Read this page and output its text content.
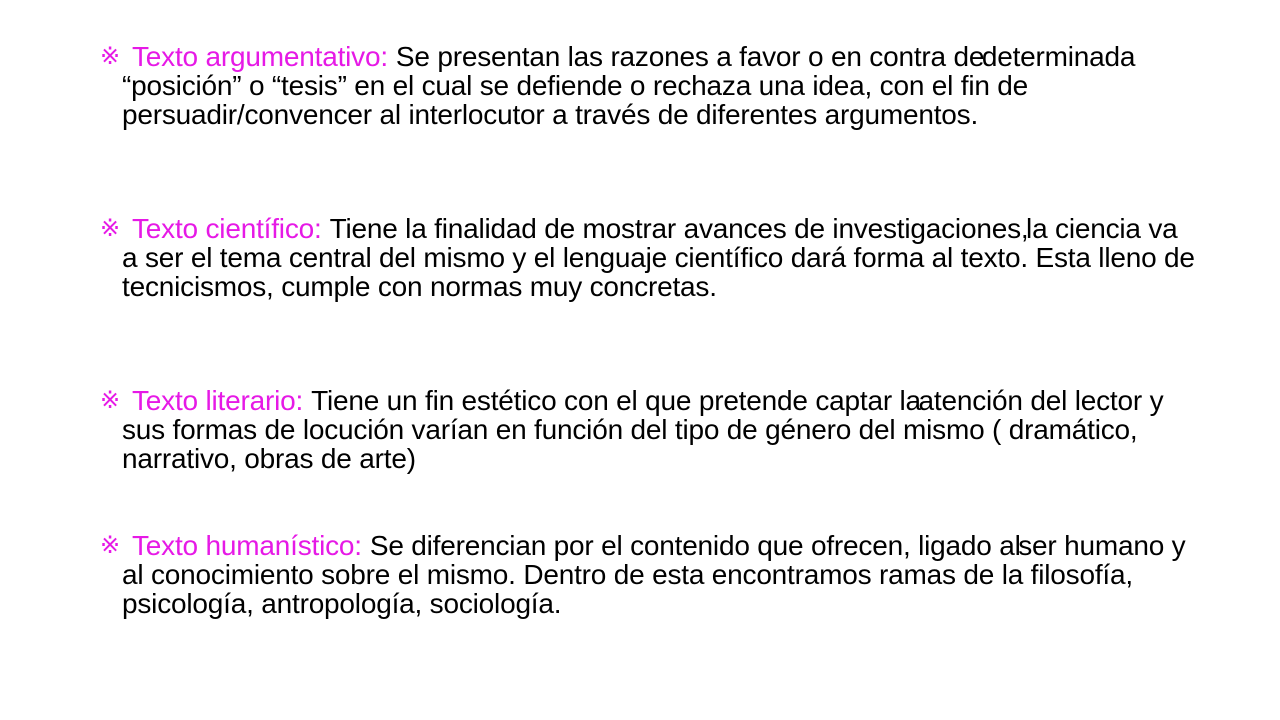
※ Texto argumentativo: Se presentan las razones a favor o en contra de determinada “posición” o “tesis” en el cual se defiende o rechaza una idea, con el fin de persuadir/convencer al interlocutor a través de diferentes argumentos.
※ Texto científico: Tiene la finalidad de mostrar avances de investigaciones, la ciencia va a ser el tema central del mismo y el lenguaje científico dará forma al texto. Esta lleno de tecnicismos, cumple con normas muy concretas.
※ Texto literario: Tiene un fin estético con el que pretende captar la atención del lector y sus formas de locución varían en función del tipo de género del mismo ( dramático, narrativo, obras de arte)
※ Texto humanístico: Se diferencian por el contenido que ofrecen, ligado al ser humano y al conocimiento sobre el mismo. Dentro de esta encontramos ramas de la filosofía, psicología, antropología, sociología.
